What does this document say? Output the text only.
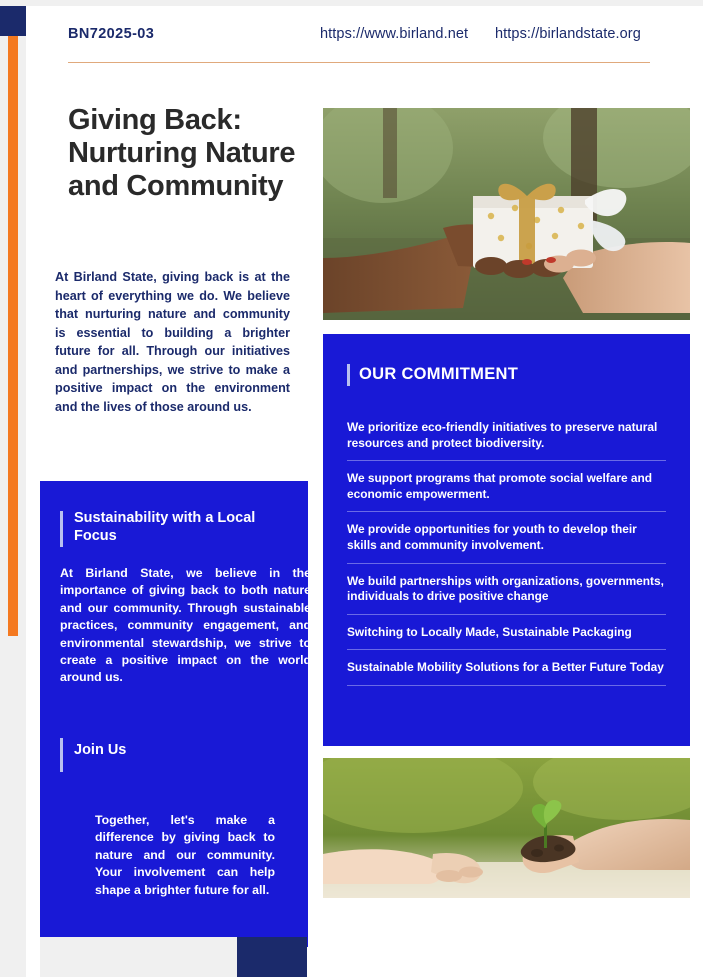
BN72025-03	https://www.birland.net https://birlandstate.org
Giving Back: Nurturing Nature and Community
At Birland State, giving back is at the heart of everything we do. We believe that nurturing nature and community is essential to building a brighter future for all. Through our initiatives and partnerships, we strive to make a positive impact on the environment and the lives of those around us.
Sustainability with a Local Focus
At Birland State, we believe in the importance of giving back to both nature and our community. Through sustainable practices, community engagement, and environmental stewardship, we strive to create a positive impact on the world around us.
Join Us
Together, let's make a difference by giving back to nature and our community. Your involvement can help shape a brighter future for all.
OUR COMMITMENT
We prioritize eco-friendly initiatives to preserve natural resources and protect biodiversity.
We support programs that promote social welfare and economic empowerment.
We provide opportunities for youth to develop their skills and community involvement.
We build partnerships with organizations, governments, individuals to drive positive change
Switching to Locally Made, Sustainable Packaging
Sustainable Mobility Solutions for a Better Future Today
